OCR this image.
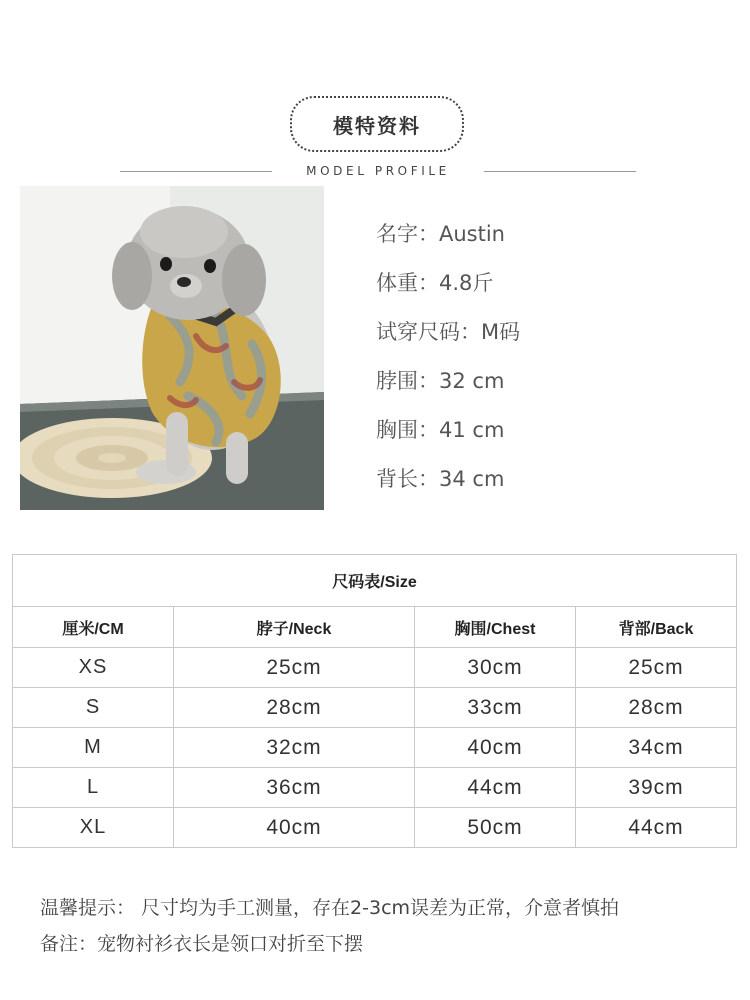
模特资料
MODEL PROFILE
名字：Austin
体重：4.8斤
试穿尺码：M码
脖围：32 cm
胸围：41 cm
背长：34 cm
尺码表/Size			
厘米/CM	脖子/Neck	胸围/Chest	背部/Back
XS	25cm	30cm	25cm
S	28cm	33cm	28cm
M	32cm	40cm	34cm
L	36cm	44cm	39cm
XL	40cm	50cm	44cm
温馨提示： 尺寸均为手工测量，存在2-3cm误差为正常，介意者慎拍
备注：宠物衬衫衣长是领口对折至下摆
